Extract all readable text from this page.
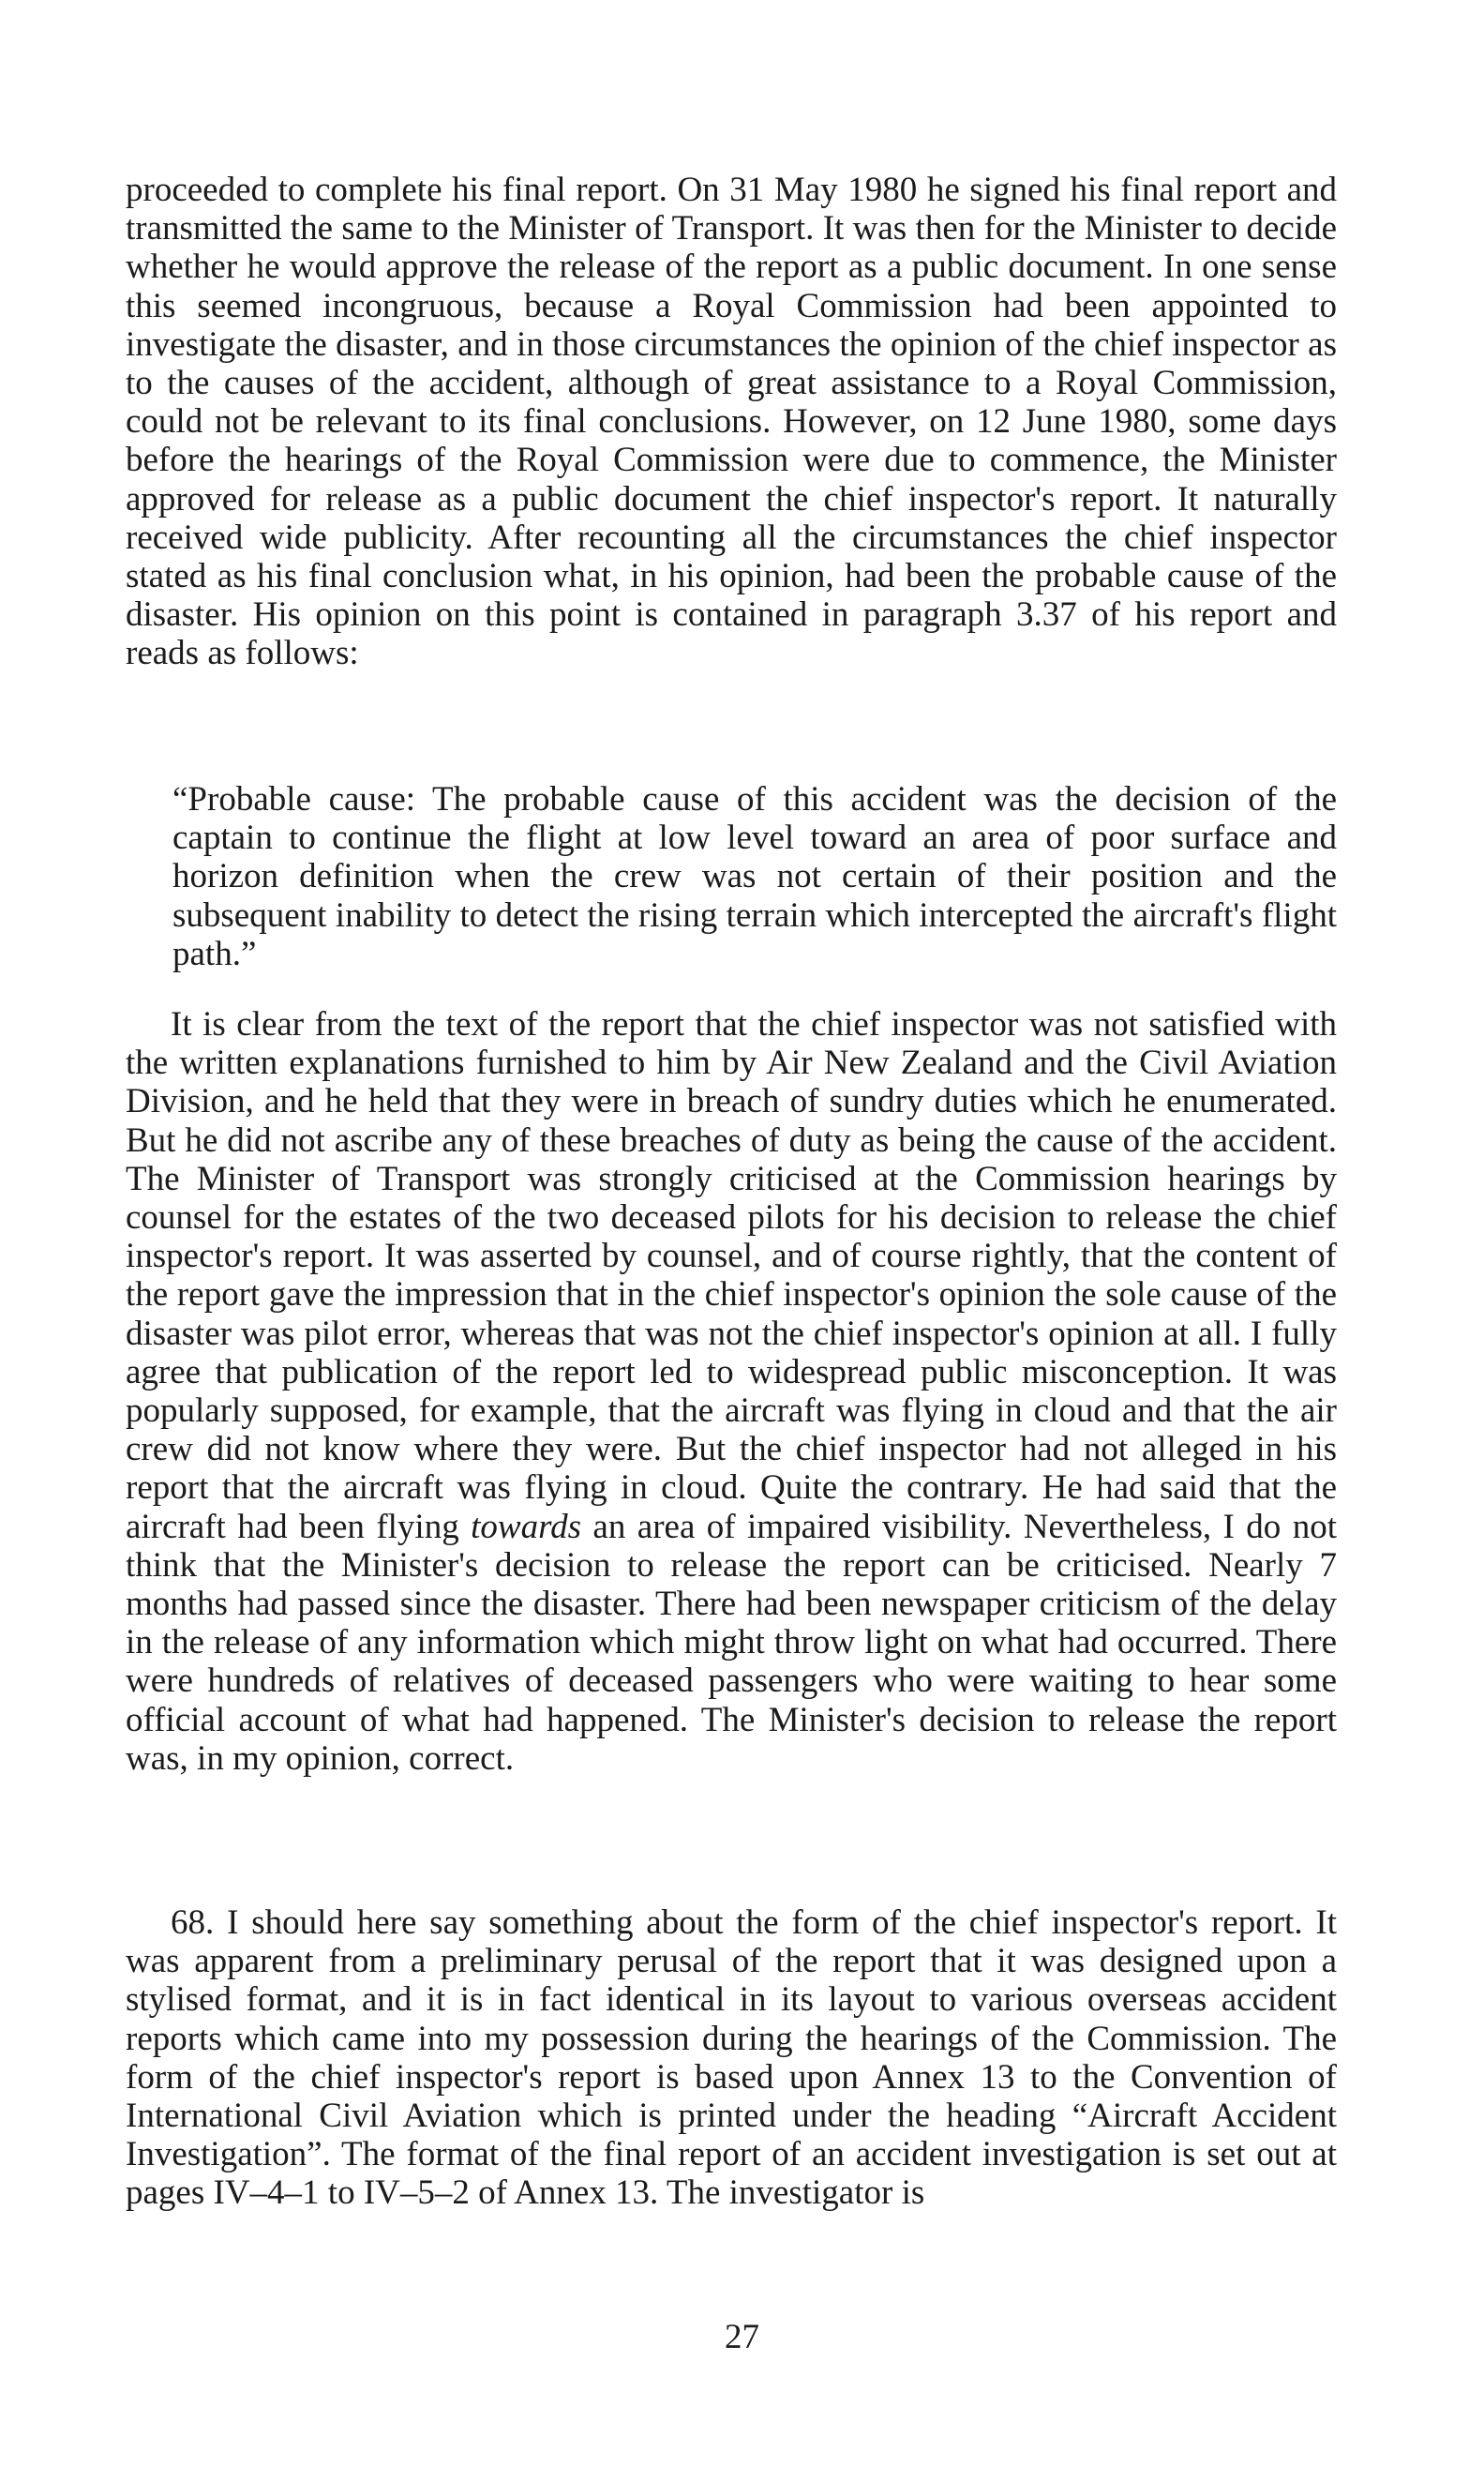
proceeded to complete his final report. On 31 May 1980 he signed his final report and transmitted the same to the Minister of Transport. It was then for the Minister to decide whether he would approve the release of the report as a public document. In one sense this seemed incongruous, because a Royal Commission had been appointed to investigate the disaster, and in those circumstances the opinion of the chief inspector as to the causes of the accident, although of great assistance to a Royal Commission, could not be relevant to its final conclusions. However, on 12 June 1980, some days before the hearings of the Royal Commission were due to commence, the Minister approved for release as a public document the chief inspector's report. It naturally received wide publicity. After recounting all the circumstances the chief inspector stated as his final conclusion what, in his opinion, had been the probable cause of the disaster. His opinion on this point is contained in paragraph 3.37 of his report and reads as follows:

“Probable cause: The probable cause of this accident was the decision of the captain to continue the flight at low level toward an area of poor surface and horizon definition when the crew was not certain of their position and the subsequent inability to detect the rising terrain which intercepted the aircraft's flight path.”

It is clear from the text of the report that the chief inspector was not satisfied with the written explanations furnished to him by Air New Zealand and the Civil Aviation Division, and he held that they were in breach of sundry duties which he enumerated. But he did not ascribe any of these breaches of duty as being the cause of the accident. The Minister of Transport was strongly criticised at the Commission hearings by counsel for the estates of the two deceased pilots for his decision to release the chief inspector's report. It was asserted by counsel, and of course rightly, that the content of the report gave the impression that in the chief inspector's opinion the sole cause of the disaster was pilot error, whereas that was not the chief inspector's opinion at all. I fully agree that publication of the report led to widespread public misconception. It was popularly supposed, for example, that the aircraft was flying in cloud and that the air crew did not know where they were. But the chief inspector had not alleged in his report that the aircraft was flying in cloud. Quite the contrary. He had said that the aircraft had been flying towards an area of impaired visibility. Nevertheless, I do not think that the Minister's decision to release the report can be criticised. Nearly 7 months had passed since the disaster. There had been newspaper criticism of the delay in the release of any information which might throw light on what had occurred. There were hundreds of relatives of deceased passengers who were waiting to hear some official account of what had happened. The Minister's decision to release the report was, in my opinion, correct.

68. I should here say something about the form of the chief inspector's report. It was apparent from a preliminary perusal of the report that it was designed upon a stylised format, and it is in fact identical in its layout to various overseas accident reports which came into my possession during the hearings of the Commission. The form of the chief inspector's report is based upon Annex 13 to the Convention of International Civil Aviation which is printed under the heading “Aircraft Accident Investigation”. The format of the final report of an accident investigation is set out at pages IV–4–1 to IV–5–2 of Annex 13. The investigator is

27
